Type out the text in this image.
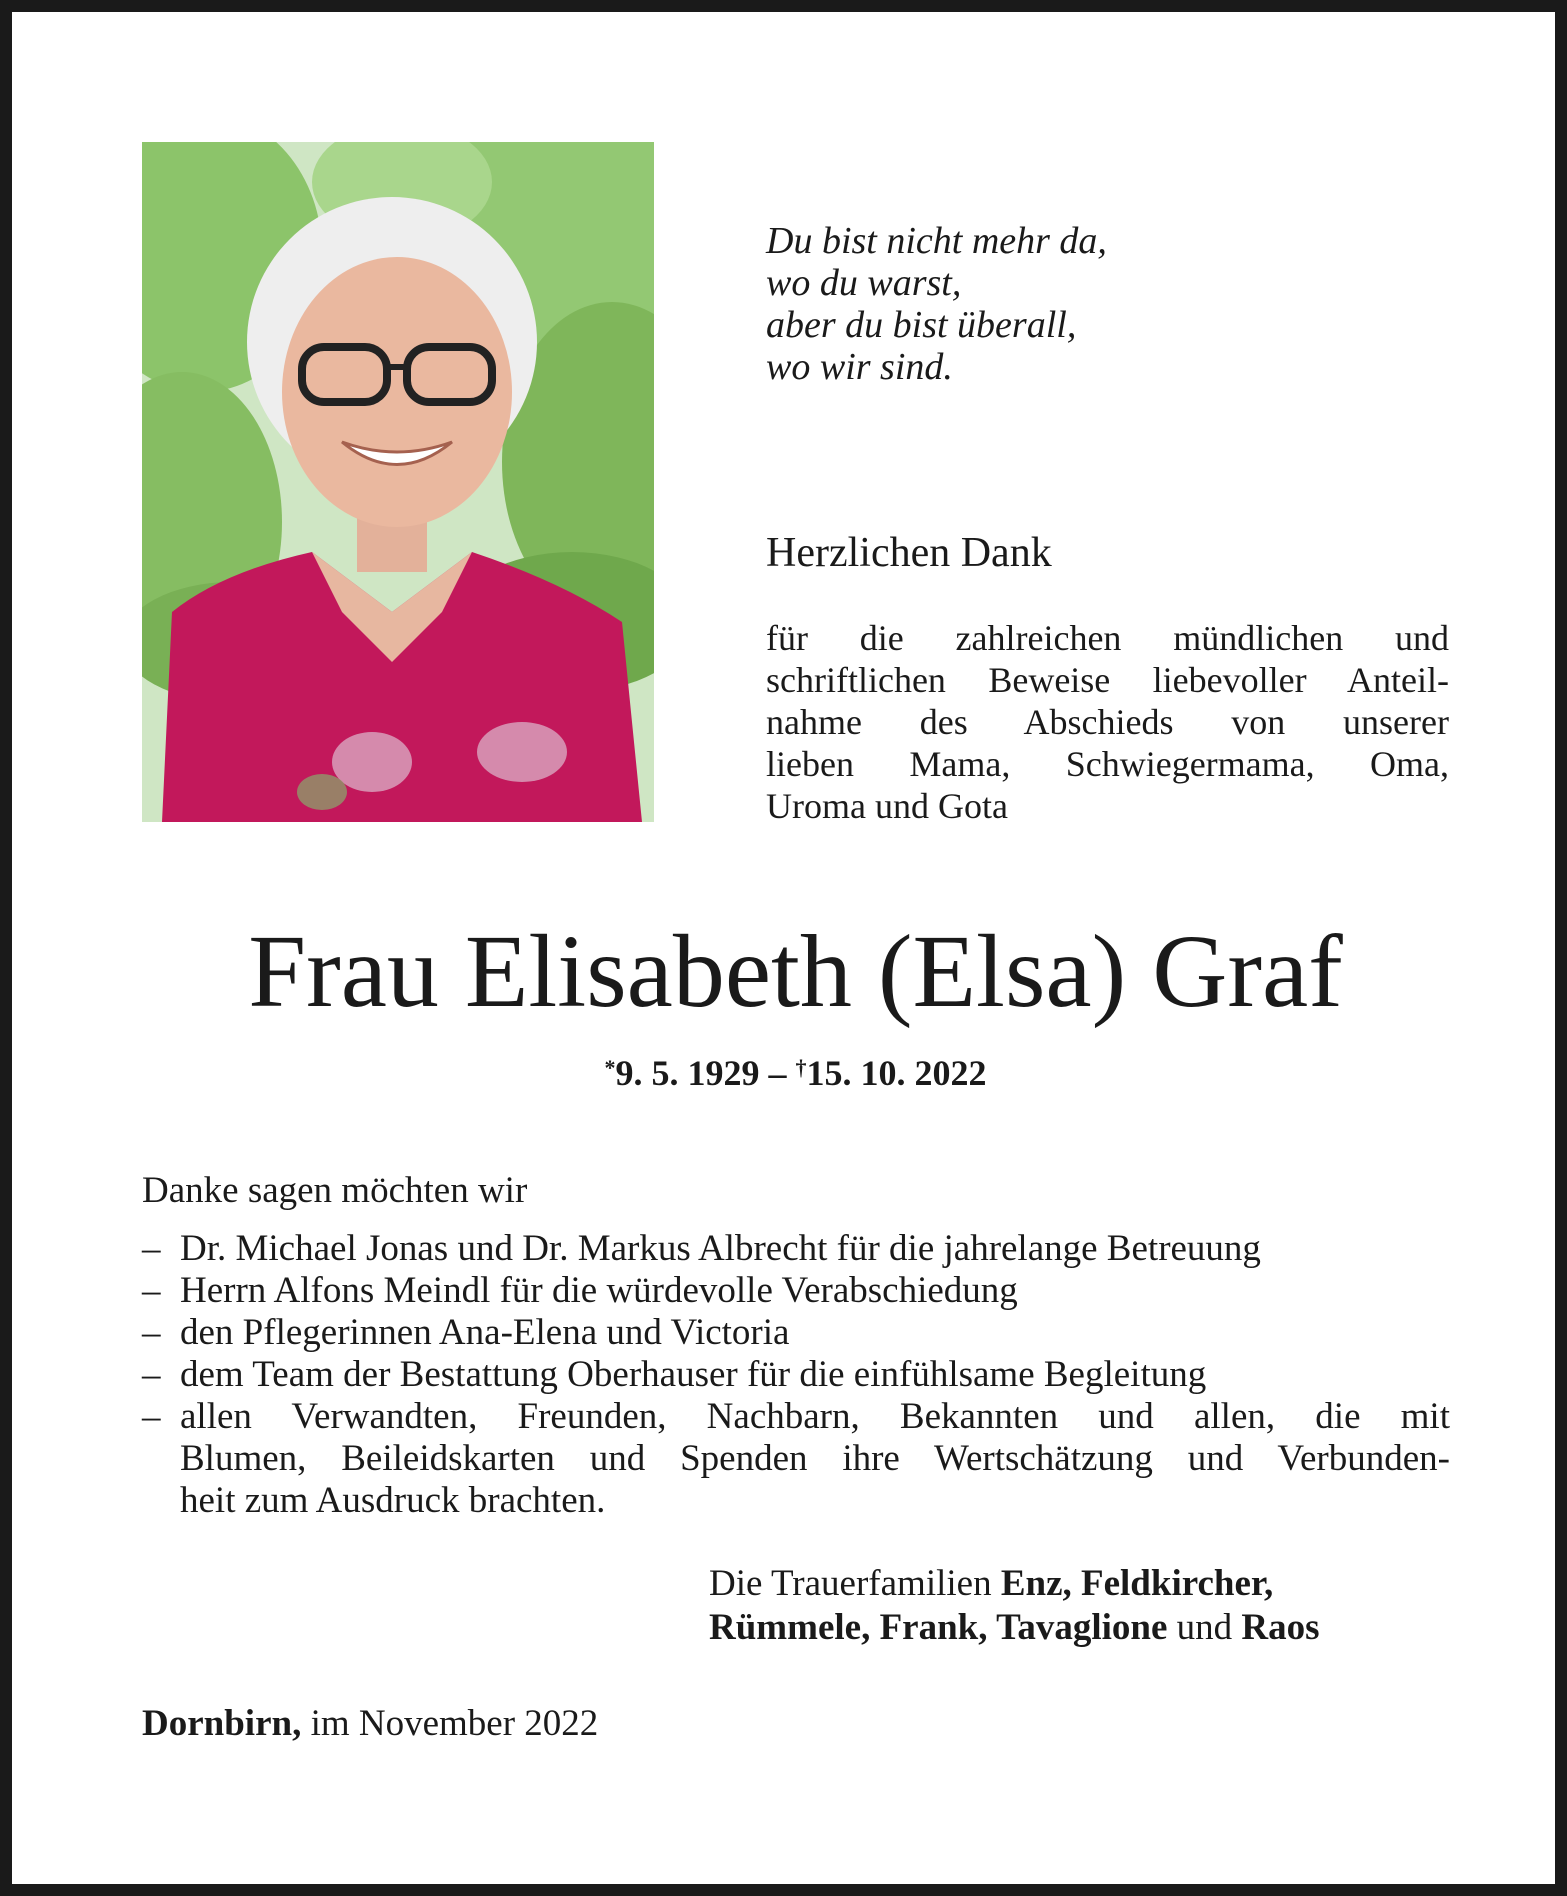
Du bist nicht mehr da,
wo du warst,
aber du bist überall,
wo wir sind.
Herzlichen Dank
für die zahlreichen mündlichen und
schriftlichen Beweise liebevoller Anteil-
nahme des Abschieds von unserer
lieben Mama, Schwiegermama, Oma,
Uroma und Gota
Frau Elisabeth (Elsa) Graf
*9. 5. 1929 – †15. 10. 2022
Danke sagen möchten wir
– Dr. Michael Jonas und Dr. Markus Albrecht für die jahrelange Betreuung
– Herrn Alfons Meindl für die würdevolle Verabschiedung
– den Pflegerinnen Ana-Elena und Victoria
– dem Team der Bestattung Oberhauser für die einfühlsame Begleitung
– allen Verwandten, Freunden, Nachbarn, Bekannten und allen, die mit
Blumen, Beileidskarten und Spenden ihre Wertschätzung und Verbunden-
heit zum Ausdruck brachten.
Die Trauerfamilien Enz, Feldkircher,
Rümmele, Frank, Tavaglione und Raos
Dornbirn, im November 2022
